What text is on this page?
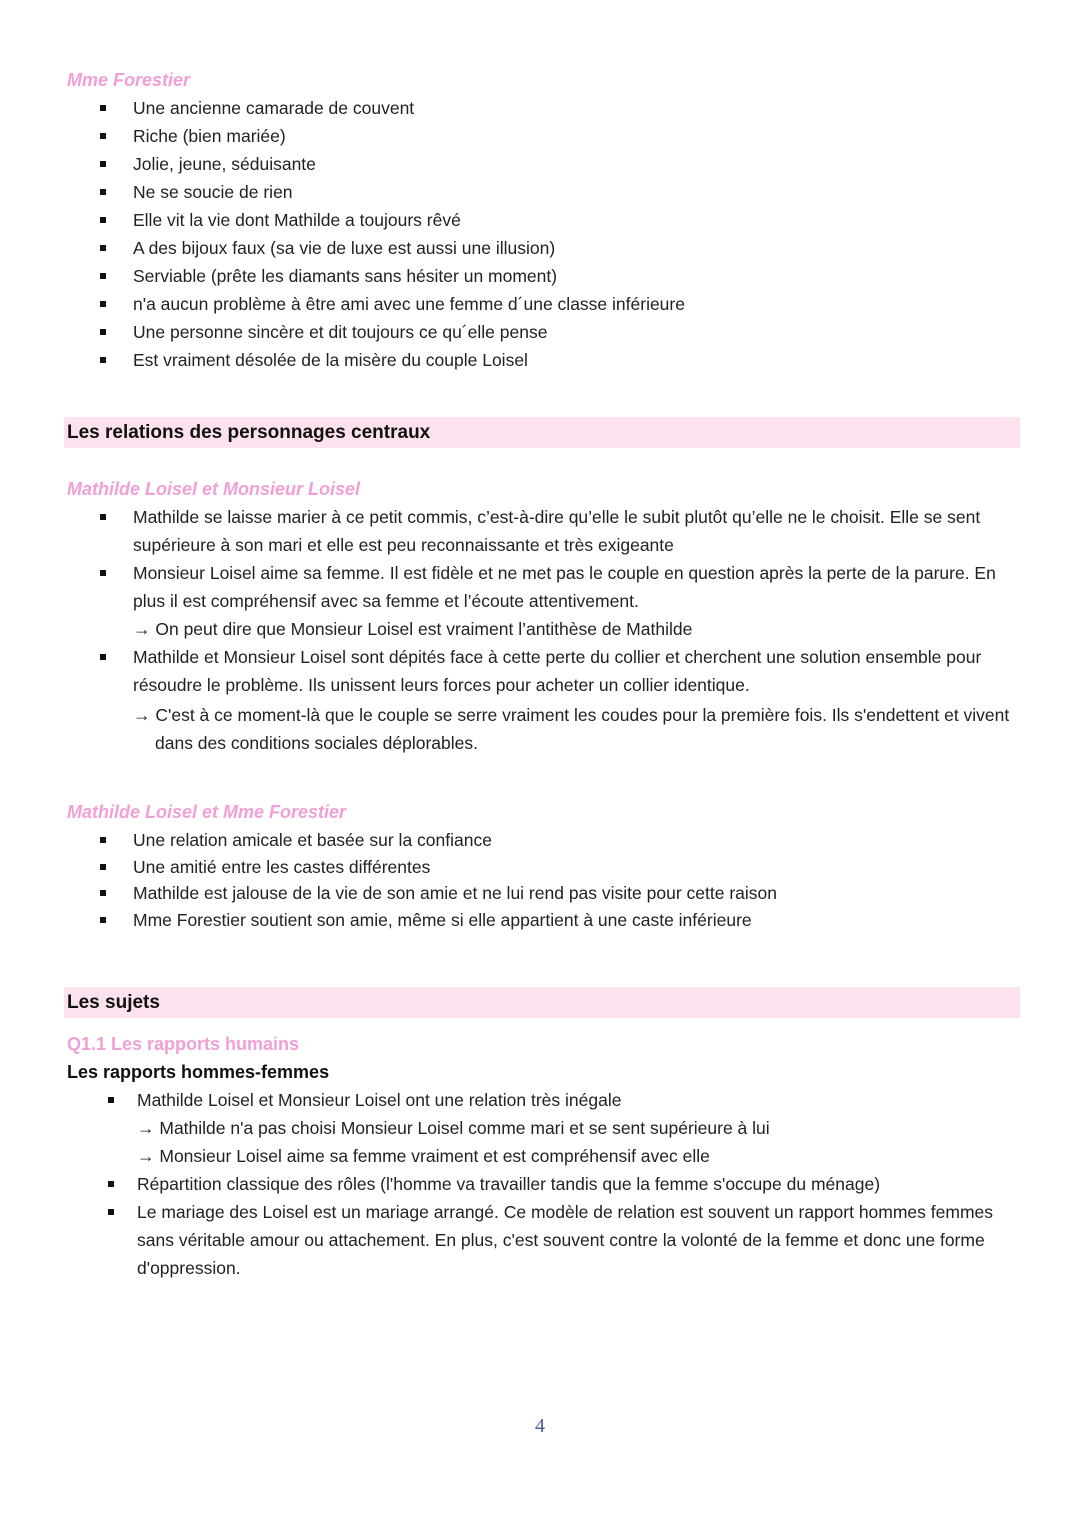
Mme Forestier
Une ancienne camarade de couvent
Riche (bien mariée)
Jolie, jeune, séduisante
Ne se soucie de rien
Elle vit la vie dont Mathilde a toujours rêvé
A des bijoux faux (sa vie de luxe est aussi une illusion)
Serviable (prête les diamants sans hésiter un moment)
n'a aucun problème à être ami avec une femme d´une classe inférieure
Une personne sincère et dit toujours ce qu´elle pense
Est vraiment désolée de la misère du couple Loisel
Les relations des personnages centraux
Mathilde Loisel et Monsieur Loisel
Mathilde se laisse marier à ce petit commis, c’est-à-dire qu’elle le subit plutôt qu’elle ne le choisit. Elle se sent supérieure à son mari et elle est peu reconnaissante et très exigeante
Monsieur Loisel aime sa femme. Il est fidèle et ne met pas le couple en question après la perte de la parure. En plus il est compréhensif avec sa femme et l’écoute attentivement.
→ On peut dire que Monsieur Loisel est vraiment l’antithèse de Mathilde
Mathilde et Monsieur Loisel sont dépités face à cette perte du collier et cherchent une solution ensemble pour résoudre le problème. Ils unissent leurs forces pour acheter un collier identique.
→ C'est à ce moment-là que le couple se serre vraiment les coudes pour la première fois. Ils s'endettent et vivent dans des conditions sociales déplorables.
Mathilde Loisel et Mme Forestier
Une relation amicale et basée sur la confiance
Une amitié entre les castes différentes
Mathilde est jalouse de la vie de son amie et ne lui rend pas visite pour cette raison
Mme Forestier soutient son amie, même si elle appartient à une caste inférieure
Les sujets
Q1.1 Les rapports humains
Les rapports hommes-femmes
Mathilde Loisel et Monsieur Loisel ont une relation très inégale
→ Mathilde n'a pas choisi Monsieur Loisel comme mari et se sent supérieure à lui
→ Monsieur Loisel aime sa femme vraiment et est compréhensif avec elle
Répartition classique des rôles (l'homme va travailler tandis que la femme s'occupe du ménage)
Le mariage des Loisel est un mariage arrangé. Ce modèle de relation est souvent un rapport hommes femmes sans véritable amour ou attachement. En plus, c'est souvent contre la volonté de la femme et donc une forme d'oppression.
4
